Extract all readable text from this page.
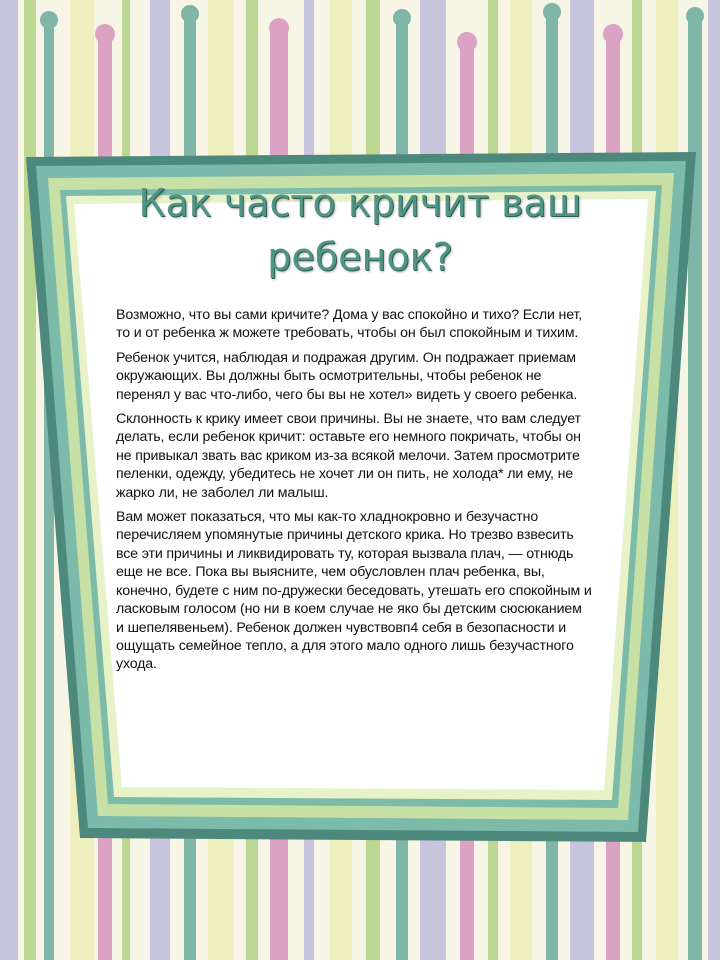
Как часто кричит ваш ребенок?

Возможно, что вы сами кричите? Дома у вас спокойно и тихо? Если нет, то и от ребенка ж можете требовать, чтобы он был спокойным и тихим.

Ребенок учится, наблюдая и подражая другим. Он подражает приемам окружающих. Вы должны быть осмотрительны, чтобы ребенок не перенял у вас что-либо, чего бы вы не хотел» видеть у своего ребенка.

Склонность к крику имеет свои причины. Вы не знаете, что вам следует делать, если ребенок кричит: оставьте его немного покричать, чтобы он не привыкал звать вас криком из-за всякой мелочи. Затем просмотрите пеленки, одежду, убедитесь не хочет ли он пить, не холода* ли ему, не жарко ли, не заболел ли малыш.

Вам может показаться, что мы как-то хладнокровно и безучастно перечисляем упомянутые причины детского крика. Но трезво взвесить все эти причины и ликвидировать ту, которая вызвала плач, — отнюдь еще не все. Пока вы выясните, чем обусловлен плач ребенка, вы, конечно, будете с ним по-дружески беседовать, утешать его спокойным и ласковым голосом (но ни в коем случае не яко бы детским сюсюканием и шепелявеньем). Ребенок должен чувствовп4 себя в безопасности и ощущать семейное тепло, а для этого мало одного лишь безучастного ухода.
